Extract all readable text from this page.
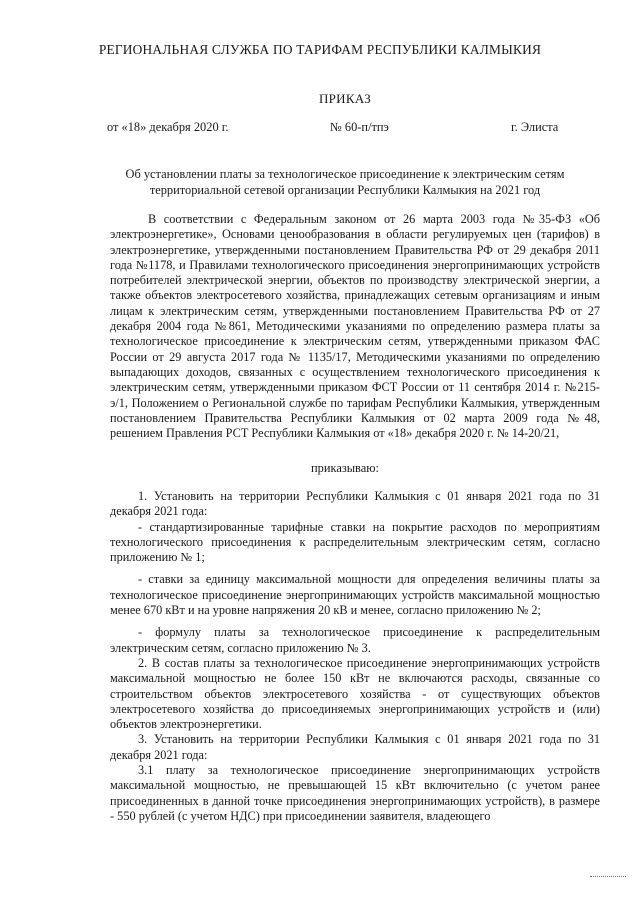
РЕГИОНАЛЬНАЯ СЛУЖБА ПО ТАРИФАМ РЕСПУБЛИКИ КАЛМЫКИЯ
ПРИКАЗ
от «18» декабря 2020 г.	№ 60-п/тпэ	г. Элиста
Об установлении платы за технологическое присоединение к электрическим сетям
территориальной сетевой организации Республики Калмыкия на 2021 год

В соответствии с Федеральным законом от 26 марта 2003 года №35-ФЗ «Об электроэнергетике», Основами ценообразования в области регулируемых цен (тарифов) в электроэнергетике, утвержденными постановлением Правительства РФ от 29 декабря 2011 года №1178, и Правилами технологического присоединения энергопринимающих устройств потребителей электрической энергии, объектов по производству электрической энергии, а также объектов электросетевого хозяйства, принадлежащих сетевым организациям и иным лицам к электрическим сетям, утвержденными постановлением Правительства РФ от 27 декабря 2004 года №861, Методическими указаниями по определению размера платы за технологическое присоединение к электрическим сетям, утвержденными приказом ФАС России от 29 августа 2017 года № 1135/17, Методическими указаниями по определению выпадающих доходов, связанных с осуществлением технологического присоединения к электрическим сетям, утвержденными приказом ФСТ России от 11 сентября 2014 г. №215-э/1, Положением о Региональной службе по тарифам Республики Калмыкия, утвержденным постановлением Правительства Республики Калмыкия от 02 марта 2009 года №48, решением Правления РСТ Республики Калмыкия от «18» декабря 2020 г. № 14-20/21,

приказываю:

1. Установить на территории Республики Калмыкия с 01 января 2021 года по 31 декабря 2021 года:

- стандартизированные тарифные ставки на покрытие расходов по мероприятиям технологического присоединения к распределительным электрическим сетям, согласно приложению № 1;

- ставки за единицу максимальной мощности для определения величины платы за технологическое присоединение энергопринимающих устройств максимальной мощностью менее 670 кВт и на уровне напряжения 20 кВ и менее, согласно приложению № 2;

- формулу платы за технологическое присоединение к распределительным электрическим сетям, согласно приложению № 3.

2. В состав платы за технологическое присоединение энергопринимающих устройств максимальной мощностью не более 150 кВт не включаются расходы, связанные со строительством объектов электросетевого хозяйства - от существующих объектов электросетевого хозяйства до присоединяемых энергопринимающих устройств и (или) объектов электроэнергетики.

3. Установить на территории Республики Калмыкия с 01 января 2021 года по 31 декабря 2021 года:

3.1 плату за технологическое присоединение энергопринимающих устройств максимальной мощностью, не превышающей 15 кВт включительно (с учетом ранее присоединенных в данной точке присоединения энергопринимающих устройств), в размере - 550 рублей (с учетом НДС) при присоединении заявителя, владеющего
